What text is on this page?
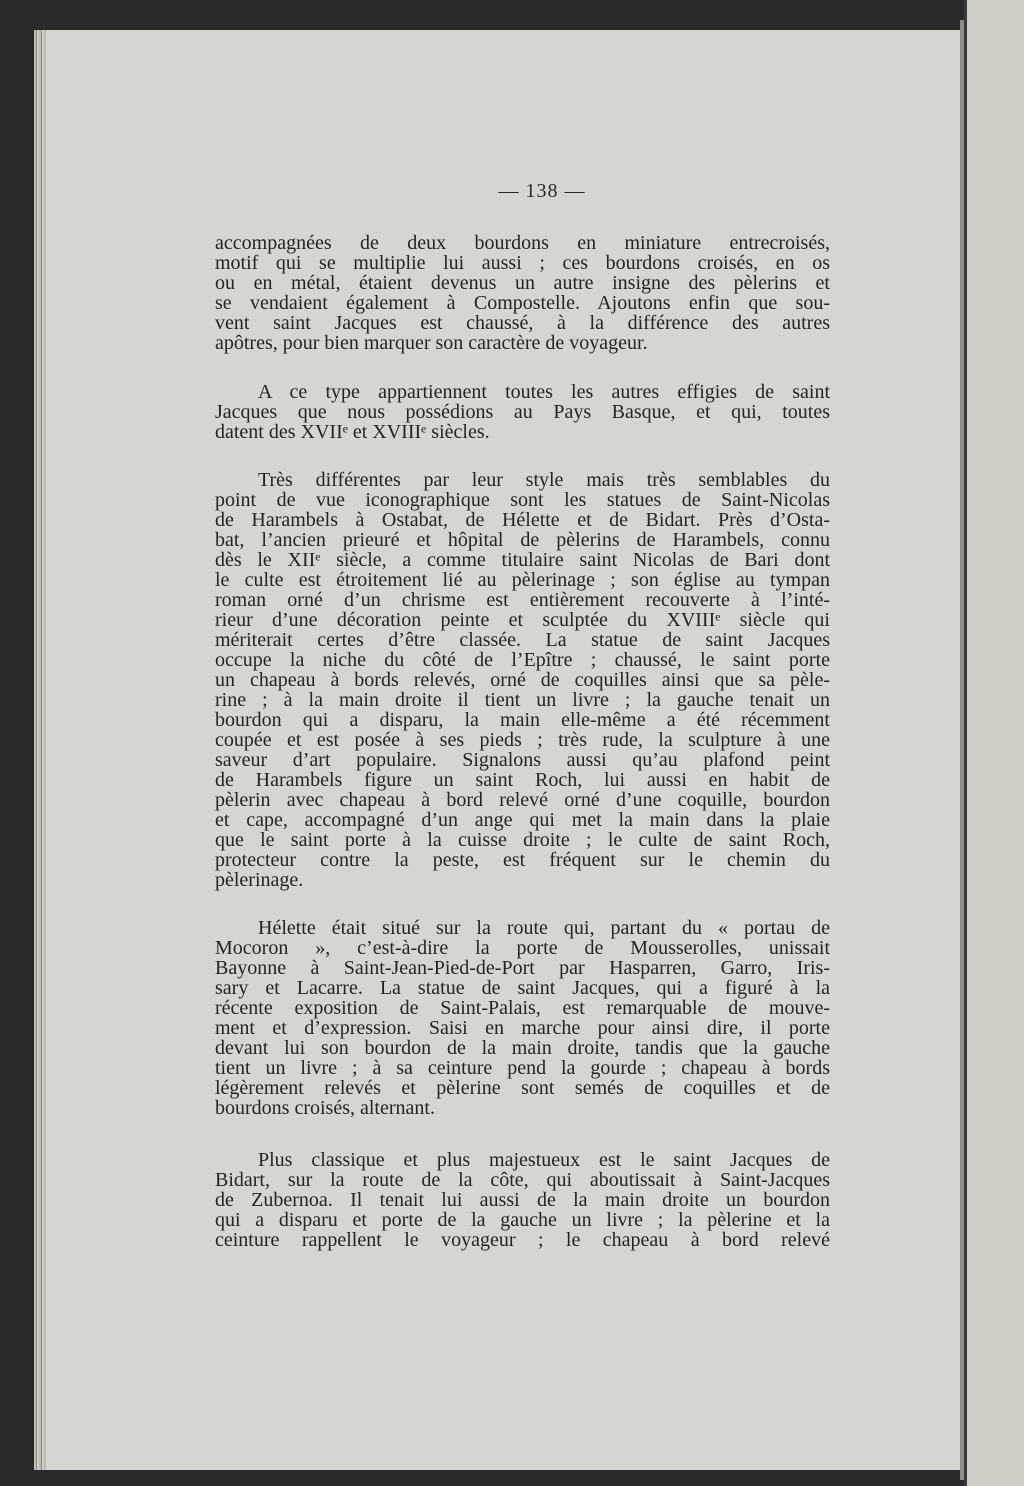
— 138 —
accompagnées de deux bourdons en miniature entrecroisés,
motif qui se multiplie lui aussi ; ces bourdons croisés, en os
ou en métal, étaient devenus un autre insigne des pèlerins et
se vendaient également à Compostelle. Ajoutons enfin que sou-
vent saint Jacques est chaussé, à la différence des autres
apôtres, pour bien marquer son caractère de voyageur.
A ce type appartiennent toutes les autres effigies de saint
Jacques que nous possédions au Pays Basque, et qui, toutes
datent des XVIIᵉ et XVIIIᵉ siècles.
Très différentes par leur style mais très semblables du
point de vue iconographique sont les statues de Saint-Nicolas
de Harambels à Ostabat, de Hélette et de Bidart. Près d’Osta-
bat, l’ancien prieuré et hôpital de pèlerins de Harambels, connu
dès le XIIᵉ siècle, a comme titulaire saint Nicolas de Bari dont
le culte est étroitement lié au pèlerinage ; son église au tympan
roman orné d’un chrisme est entièrement recouverte à l’inté-
rieur d’une décoration peinte et sculptée du XVIIIᵉ siècle qui
mériterait certes d’être classée. La statue de saint Jacques
occupe la niche du côté de l’Epître ; chaussé, le saint porte
un chapeau à bords relevés, orné de coquilles ainsi que sa pèle-
rine ; à la main droite il tient un livre ; la gauche tenait un
bourdon qui a disparu, la main elle-même a été récemment
coupée et est posée à ses pieds ; très rude, la sculpture à une
saveur d’art populaire. Signalons aussi qu’au plafond peint
de Harambels figure un saint Roch, lui aussi en habit de
pèlerin avec chapeau à bord relevé orné d’une coquille, bourdon
et cape, accompagné d’un ange qui met la main dans la plaie
que le saint porte à la cuisse droite ; le culte de saint Roch,
protecteur contre la peste, est fréquent sur le chemin du
pèlerinage.
Hélette était situé sur la route qui, partant du « portau de
Mocoron », c’est-à-dire la porte de Mousserolles, unissait
Bayonne à Saint-Jean-Pied-de-Port par Hasparren, Garro, Iris-
sary et Lacarre. La statue de saint Jacques, qui a figuré à la
récente exposition de Saint-Palais, est remarquable de mouve-
ment et d’expression. Saisi en marche pour ainsi dire, il porte
devant lui son bourdon de la main droite, tandis que la gauche
tient un livre ; à sa ceinture pend la gourde ; chapeau à bords
légèrement relevés et pèlerine sont semés de coquilles et de
bourdons croisés, alternant.
Plus classique et plus majestueux est le saint Jacques de
Bidart, sur la route de la côte, qui aboutissait à Saint-Jacques
de Zubernoa. Il tenait lui aussi de la main droite un bourdon
qui a disparu et porte de la gauche un livre ; la pèlerine et la
ceinture rappellent le voyageur ; le chapeau à bord relevé
